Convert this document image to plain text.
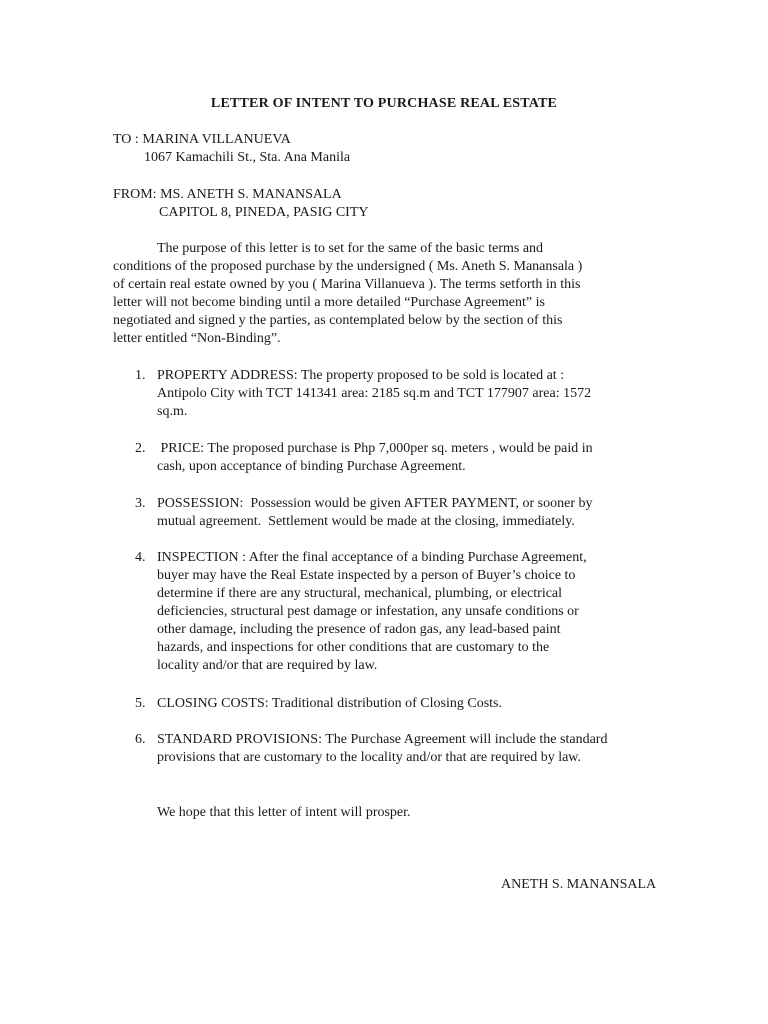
LETTER OF INTENT TO PURCHASE REAL ESTATE
TO : MARINA VILLANUEVA
1067 Kamachili St., Sta. Ana Manila
FROM: MS. ANETH S. MANANSALA
CAPITOL 8, PINEDA, PASIG CITY
The purpose of this letter is to set for the same of the basic terms and
conditions of the proposed purchase by the undersigned ( Ms. Aneth S. Manansala )
of certain real estate owned by you ( Marina Villanueva ). The terms setforth in this
letter will not become binding until a more detailed “Purchase Agreement” is
negotiated and signed y the parties, as contemplated below by the section of this
letter entitled “Non-Binding”.
1. PROPERTY ADDRESS: The property proposed to be sold is located at :
Antipolo City with TCT 141341 area: 2185 sq.m and TCT 177907 area: 1572
sq.m.
2. PRICE: The proposed purchase is Php 7,000per sq. meters , would be paid in
cash, upon acceptance of binding Purchase Agreement.
3. POSSESSION:  Possession would be given AFTER PAYMENT, or sooner by
mutual agreement.  Settlement would be made at the closing, immediately.
4. INSPECTION : After the final acceptance of a binding Purchase Agreement,
buyer may have the Real Estate inspected by a person of Buyer’s choice to
determine if there are any structural, mechanical, plumbing, or electrical
deficiencies, structural pest damage or infestation, any unsafe conditions or
other damage, including the presence of radon gas, any lead-based paint
hazards, and inspections for other conditions that are customary to the
locality and/or that are required by law.
5. CLOSING COSTS: Traditional distribution of Closing Costs.
6. STANDARD PROVISIONS: The Purchase Agreement will include the standard
provisions that are customary to the locality and/or that are required by law.
We hope that this letter of intent will prosper.
ANETH S. MANANSALA
